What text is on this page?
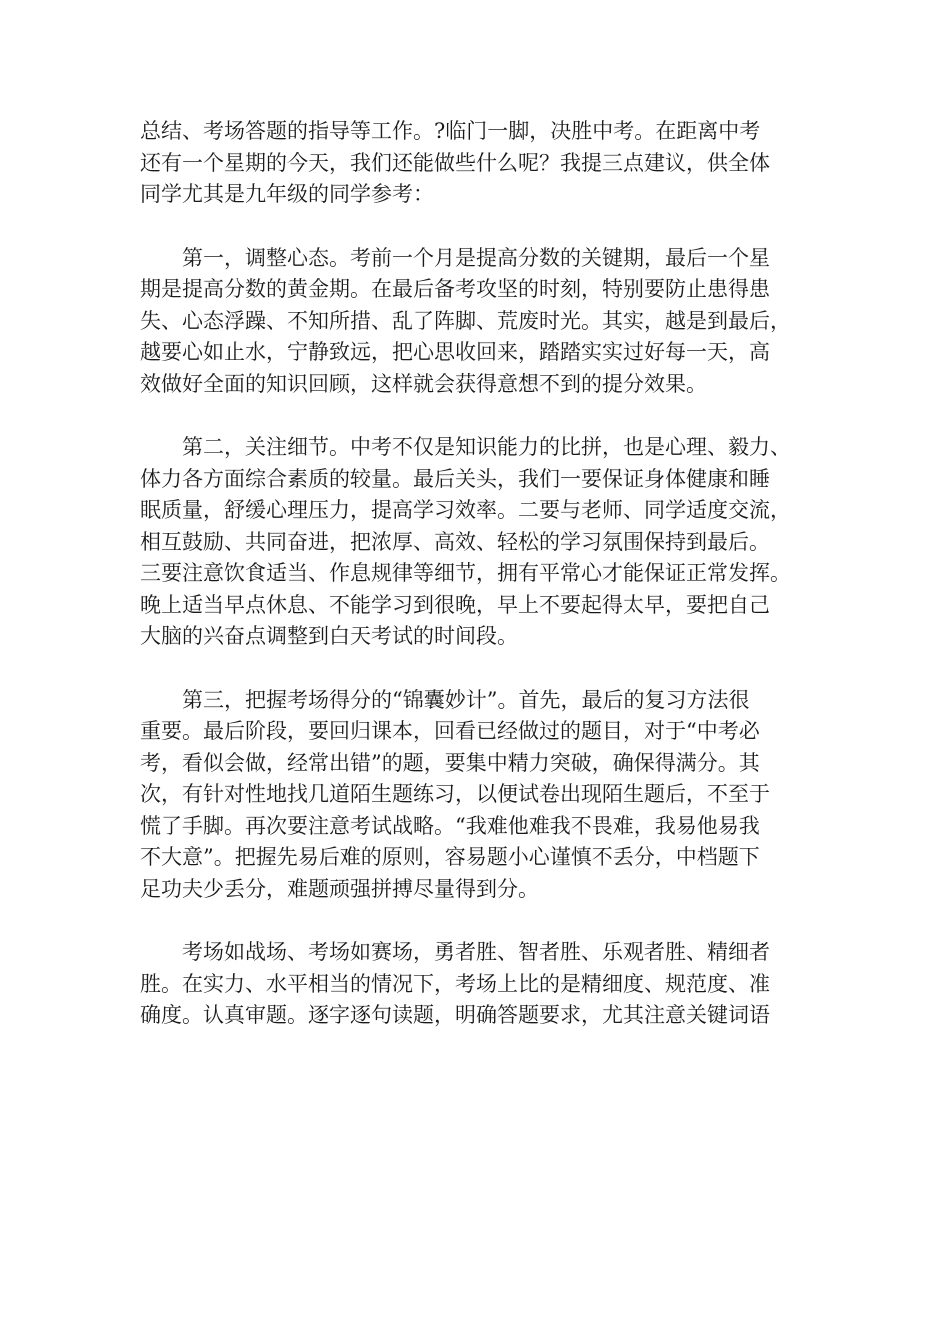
总结、考场答题的指导等工作。?临门一脚，决胜中考。在距离中考
还有一个星期的今天，我们还能做些什么呢？我提三点建议，供全体
同学尤其是九年级的同学参考：

　　第一，调整心态。考前一个月是提高分数的关键期，最后一个星
期是提高分数的黄金期。在最后备考攻坚的时刻，特别要防止患得患
失、心态浮躁、不知所措、乱了阵脚、荒废时光。其实，越是到最后，
越要心如止水，宁静致远，把心思收回来，踏踏实实过好每一天，高
效做好全面的知识回顾，这样就会获得意想不到的提分效果。

　　第二，关注细节。中考不仅是知识能力的比拼，也是心理、毅力、
体力各方面综合素质的较量。最后关头，我们一要保证身体健康和睡
眠质量，舒缓心理压力，提高学习效率。二要与老师、同学适度交流，
相互鼓励、共同奋进，把浓厚、高效、轻松的学习氛围保持到最后。
三要注意饮食适当、作息规律等细节，拥有平常心才能保证正常发挥。
晚上适当早点休息、不能学习到很晚，早上不要起得太早，要把自己
大脑的兴奋点调整到白天考试的时间段。

　　第三，把握考场得分的“锦囊妙计”。首先，最后的复习方法很
重要。最后阶段，要回归课本，回看已经做过的题目，对于“中考必
考，看似会做，经常出错”的题，要集中精力突破，确保得满分。其
次，有针对性地找几道陌生题练习，以便试卷出现陌生题后，不至于
慌了手脚。再次要注意考试战略。“我难他难我不畏难，我易他易我
不大意”。把握先易后难的原则，容易题小心谨慎不丢分，中档题下
足功夫少丢分，难题顽强拼搏尽量得到分。

　　考场如战场、考场如赛场，勇者胜、智者胜、乐观者胜、精细者
胜。在实力、水平相当的情况下，考场上比的是精细度、规范度、准
确度。认真审题。逐字逐句读题，明确答题要求，尤其注意关键词语
